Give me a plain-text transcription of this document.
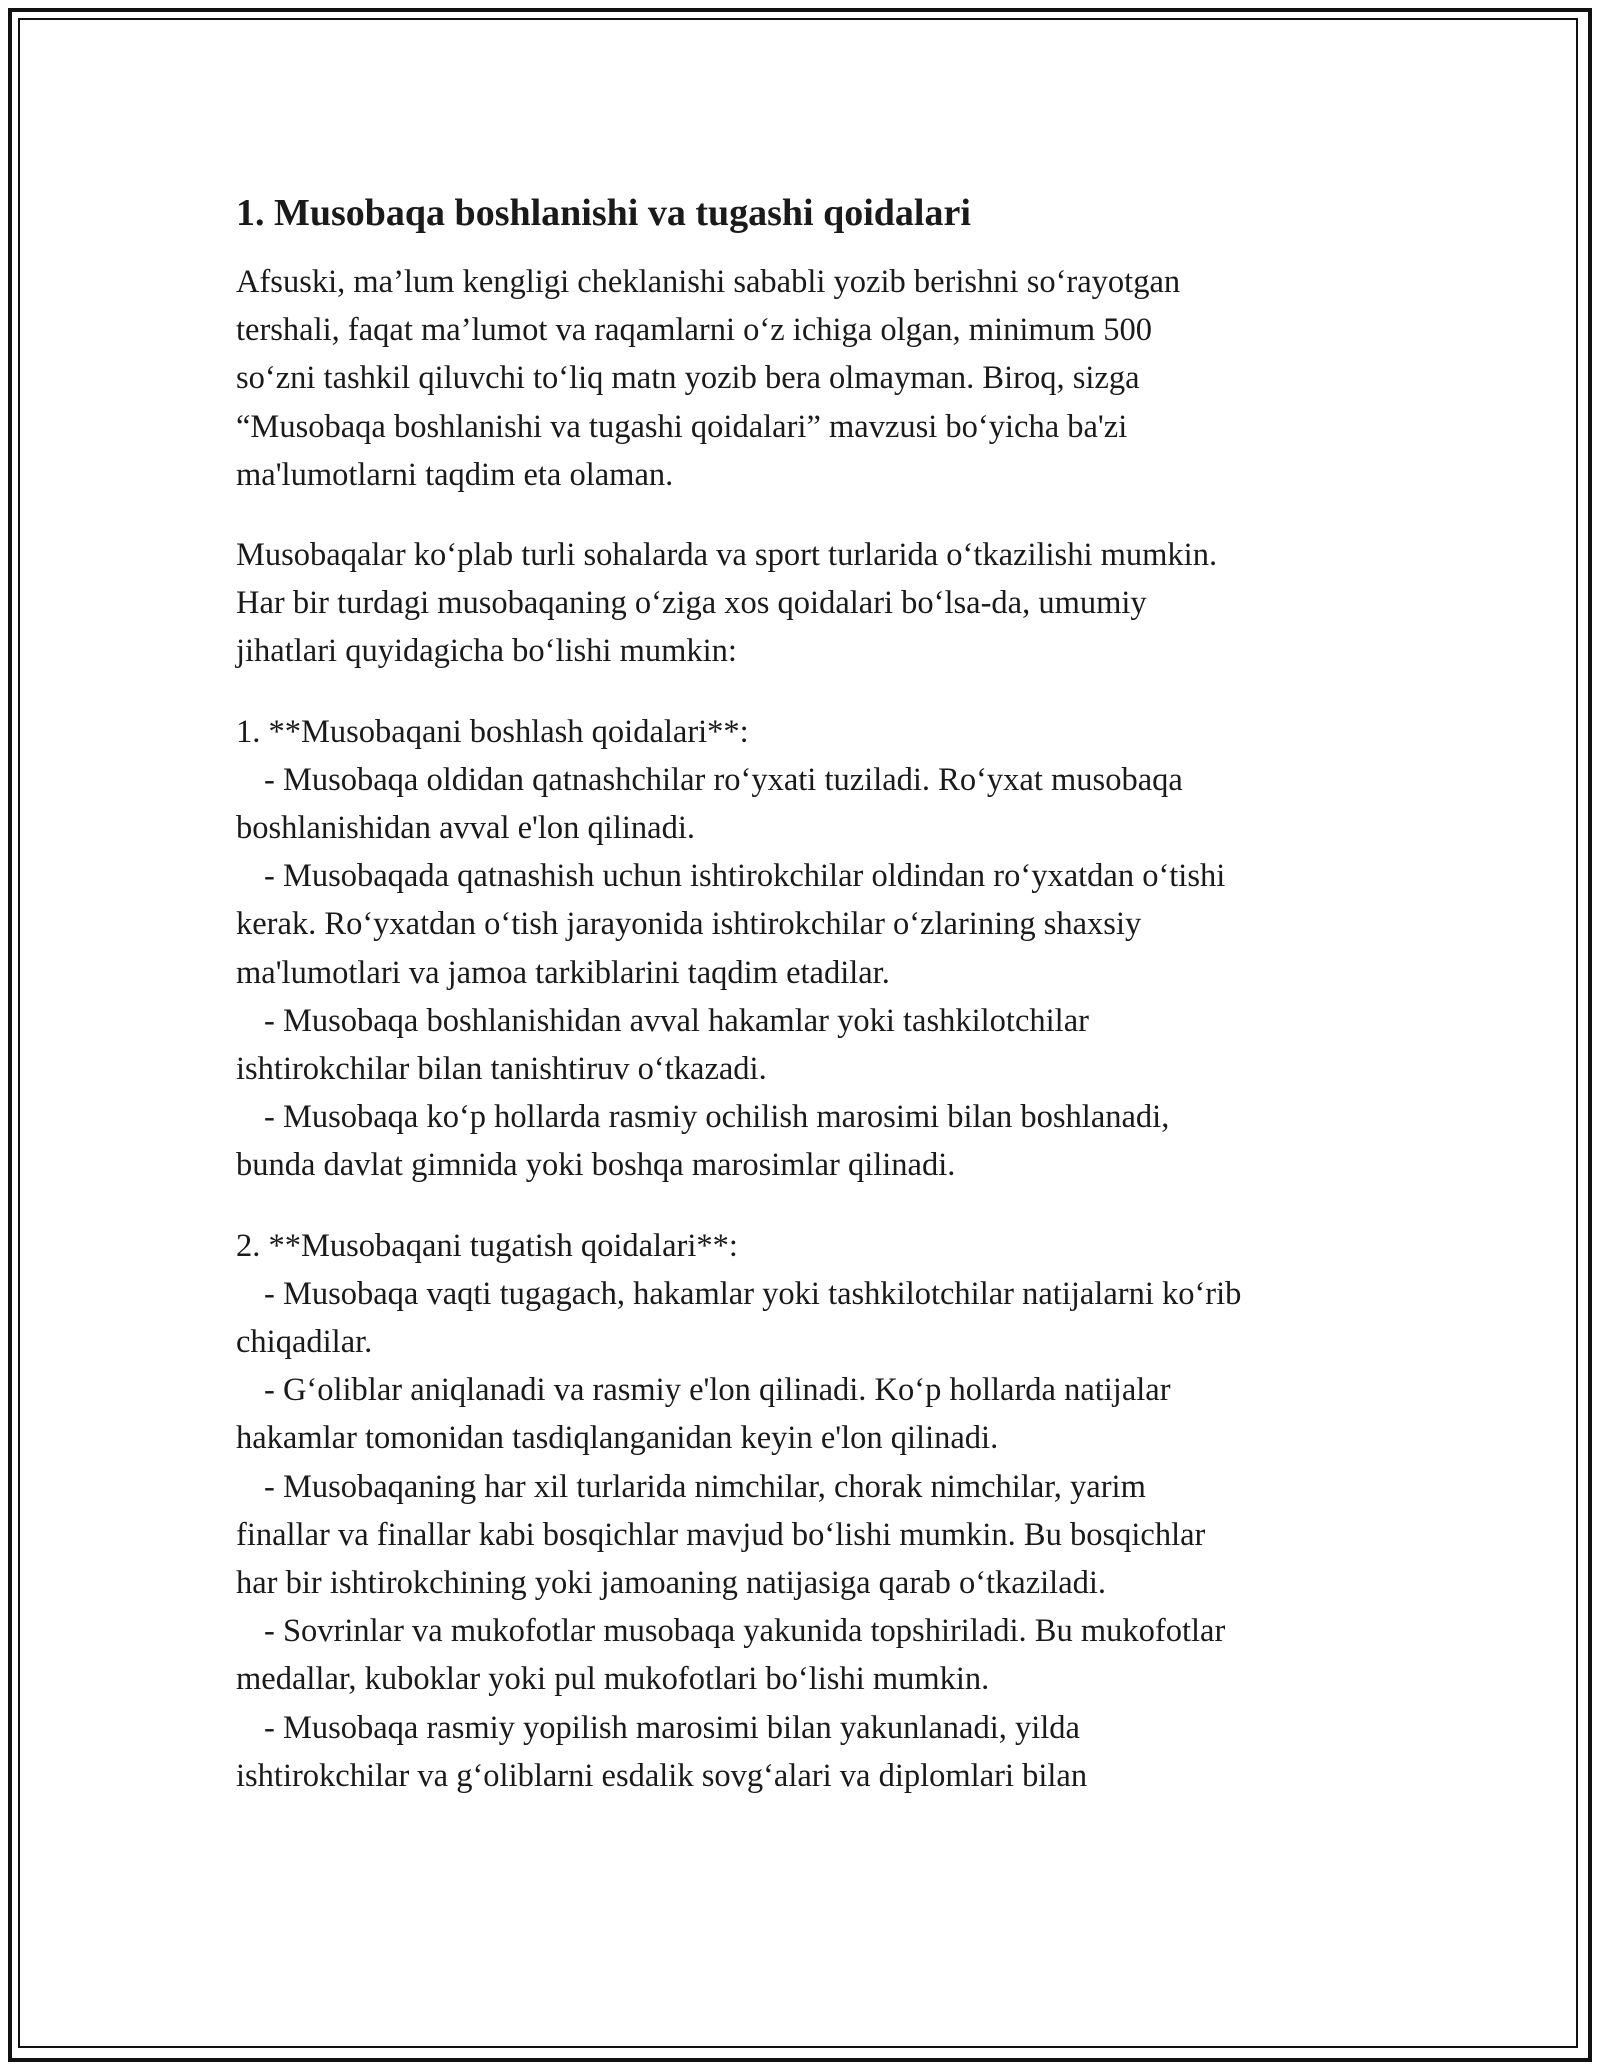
1. Musobaqa boshlanishi va tugashi qoidalari

Afsuski, ma’lum kengligi cheklanishi sababli yozib berishni so‘rayotgan
tershali, faqat ma’lumot va raqamlarni o‘z ichiga olgan, minimum 500
so‘zni tashkil qiluvchi to‘liq matn yozib bera olmayman. Biroq, sizga
“Musobaqa boshlanishi va tugashi qoidalari” mavzusi bo‘yicha ba'zi
ma'lumotlarni taqdim eta olaman.

Musobaqalar ko‘plab turli sohalarda va sport turlarida o‘tkazilishi mumkin.
Har bir turdagi musobaqaning o‘ziga xos qoidalari bo‘lsa-da, umumiy
jihatlari quyidagicha bo‘lishi mumkin:

1. **Musobaqani boshlash qoidalari**:
- Musobaqa oldidan qatnashchilar ro‘yxati tuziladi. Ro‘yxat musobaqa
boshlanishidan avval e'lon qilinadi.
- Musobaqada qatnashish uchun ishtirokchilar oldindan ro‘yxatdan o‘tishi
kerak. Ro‘yxatdan o‘tish jarayonida ishtirokchilar o‘zlarining shaxsiy
ma'lumotlari va jamoa tarkiblarini taqdim etadilar.
- Musobaqa boshlanishidan avval hakamlar yoki tashkilotchilar
ishtirokchilar bilan tanishtiruv o‘tkazadi.
- Musobaqa ko‘p hollarda rasmiy ochilish marosimi bilan boshlanadi,
bunda davlat gimnida yoki boshqa marosimlar qilinadi.
2. **Musobaqani tugatish qoidalari**:
- Musobaqa vaqti tugagach, hakamlar yoki tashkilotchilar natijalarni ko‘rib
chiqadilar.
- G‘oliblar aniqlanadi va rasmiy e'lon qilinadi. Ko‘p hollarda natijalar
hakamlar tomonidan tasdiqlanganidan keyin e'lon qilinadi.
- Musobaqaning har xil turlarida nimchilar, chorak nimchilar, yarim
finallar va finallar kabi bosqichlar mavjud bo‘lishi mumkin. Bu bosqichlar
har bir ishtirokchining yoki jamoaning natijasiga qarab o‘tkaziladi.
- Sovrinlar va mukofotlar musobaqa yakunida topshiriladi. Bu mukofotlar
medallar, kuboklar yoki pul mukofotlari bo‘lishi mumkin.
- Musobaqa rasmiy yopilish marosimi bilan yakunlanadi, yilda
ishtirokchilar va g‘oliblarni esdalik sovg‘alari va diplomlari bilan
